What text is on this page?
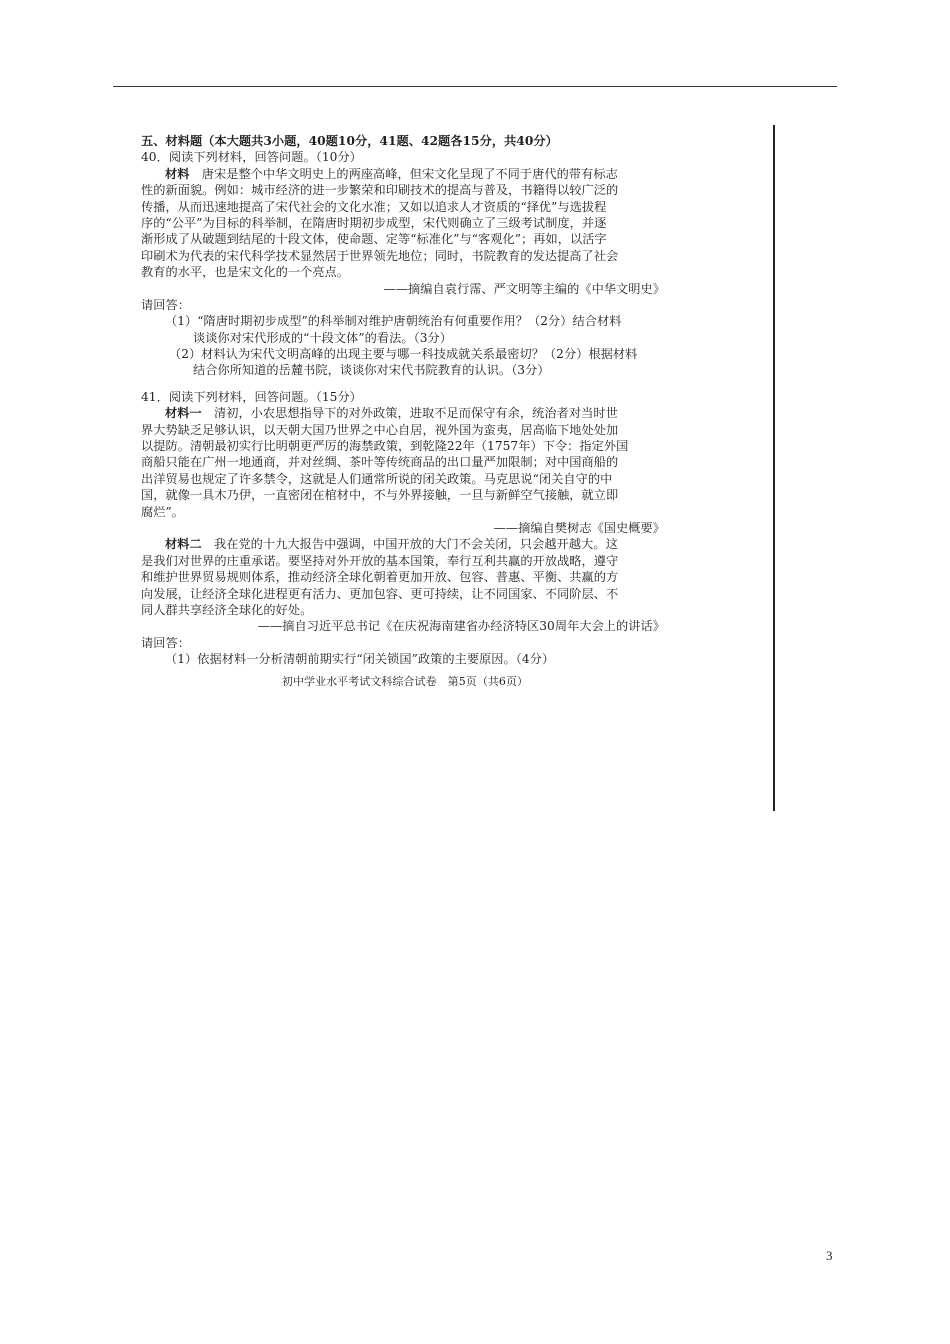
五、材料题（本大题共3小题，40题10分，41题、42题各15分，共40分）
40．阅读下列材料，回答问题。（10分）
材料　 唐宋是整个中华文明史上的两座高峰，但宋文化呈现了不同于唐代的带有标志
性的新面貌。例如：城市经济的进一步繁荣和印刷技术的提高与普及，书籍得以较广泛的
传播，从而迅速地提高了宋代社会的文化水准；又如以追求人才资质的“择优”与选拔程
序的“公平”为目标的科举制，在隋唐时期初步成型，宋代则确立了三级考试制度，并逐
渐形成了从破题到结尾的十段文体，使命题、定等“标准化”与“客观化”；再如，以活字
印刷术为代表的宋代科学技术显然居于世界领先地位；同时，书院教育的发达提高了社会
教育的水平，也是宋文化的一个亮点。
——摘编自袁行霈、严文明等主编的《中华文明史》
请回答：
（1）“隋唐时期初步成型”的科举制对维护唐朝统治有何重要作用？（2分）结合材料
谈谈你对宋代形成的“十段文体”的看法。（3分）
（2）材料认为宋代文明高峰的出现主要与哪一科技成就关系最密切？（2分）根据材料
结合你所知道的岳麓书院，谈谈你对宋代书院教育的认识。（3分）
41．阅读下列材料，回答问题。（15分）
材料一　 清初，小农思想指导下的对外政策，进取不足而保守有余，统治者对当时世
界大势缺乏足够认识，以天朝大国乃世界之中心自居，视外国为蛮夷，居高临下地处处加
以提防。清朝最初实行比明朝更严厉的海禁政策，到乾隆22年（1757年）下令：指定外国
商船只能在广州一地通商，并对丝绸、茶叶等传统商品的出口量严加限制；对中国商船的
出洋贸易也规定了许多禁令，这就是人们通常所说的闭关政策。马克思说“闭关自守的中
国，就像一具木乃伊，一直密闭在棺材中，不与外界接触，一旦与新鲜空气接触，就立即
腐烂”。
——摘编自樊树志《国史概要》
材料二　 我在党的十九大报告中强调，中国开放的大门不会关闭，只会越开越大。这
是我们对世界的庄重承诺。要坚持对外开放的基本国策，奉行互利共赢的开放战略，遵守
和维护世界贸易规则体系，推动经济全球化朝着更加开放、包容、普惠、平衡、共赢的方
向发展，让经济全球化进程更有活力、更加包容、更可持续，让不同国家、不同阶层、不
同人群共享经济全球化的好处。
——摘自习近平总书记《在庆祝海南建省办经济特区30周年大会上的讲话》
请回答：
（1）依据材料一分析清朝前期实行“闭关锁国”政策的主要原因。（4分）
初中学业水平考试文科综合试卷　第5页（共6页）
3
